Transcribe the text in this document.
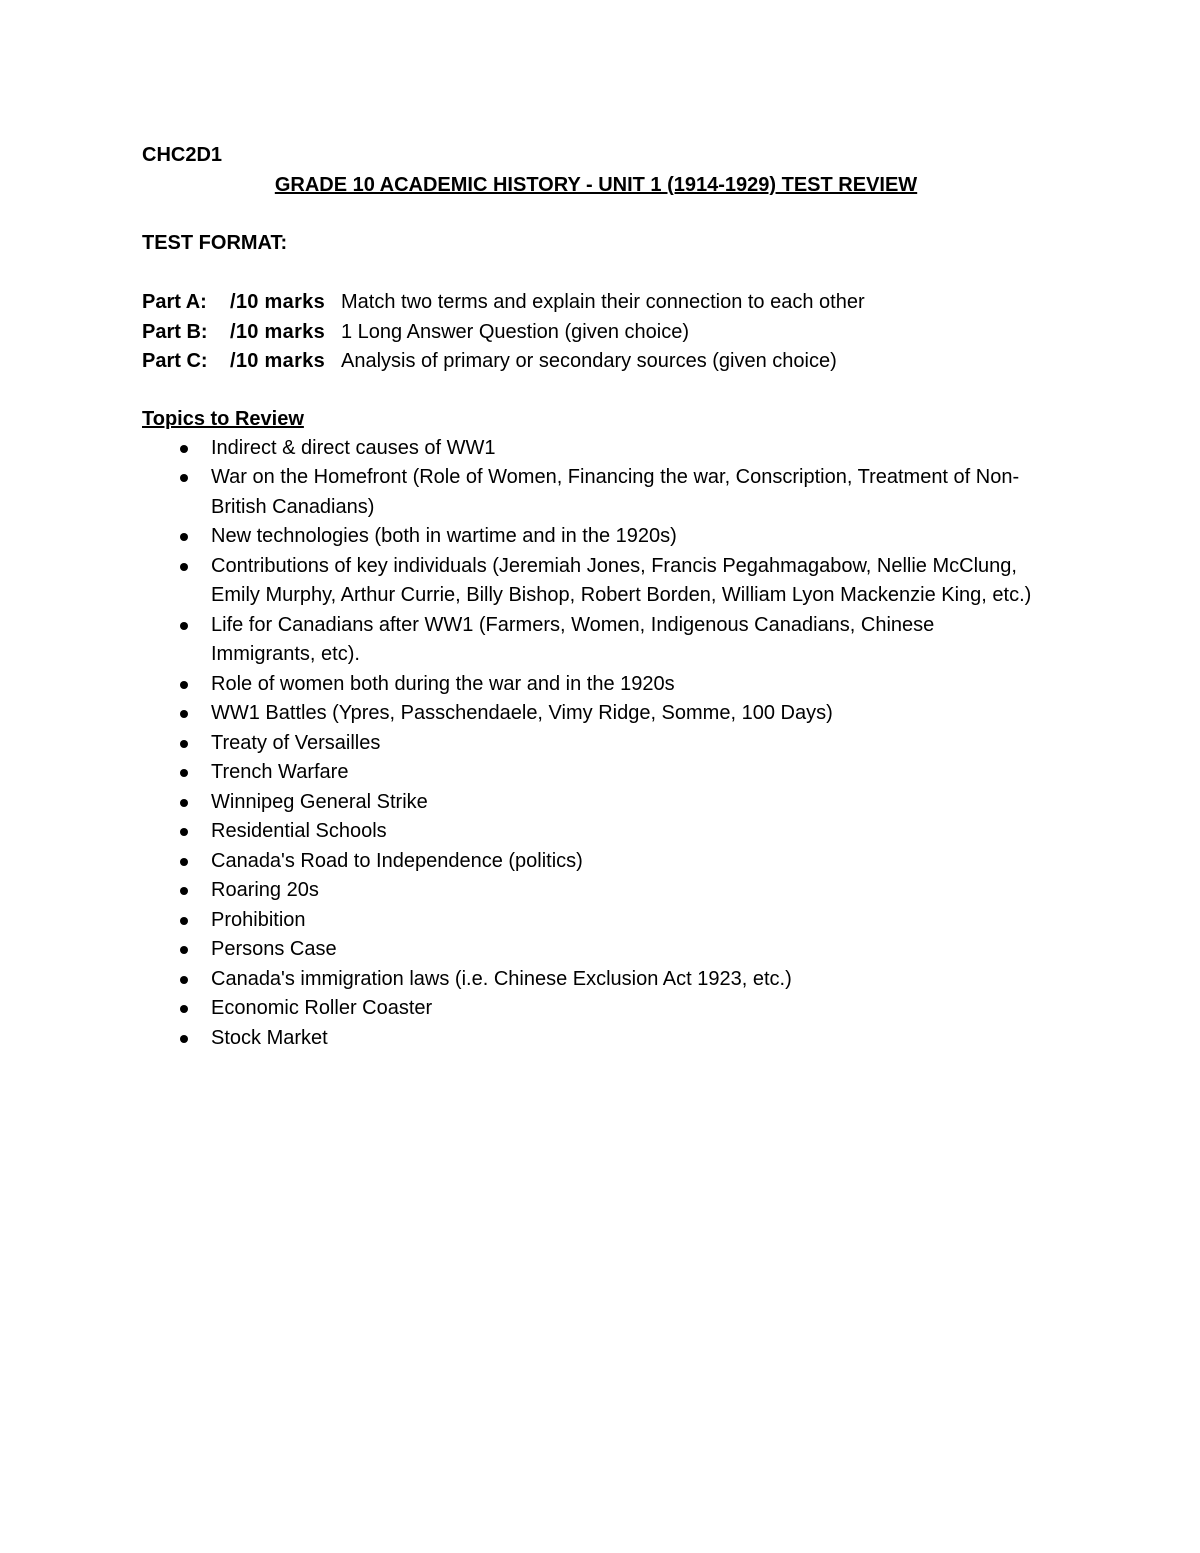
CHC2D1
GRADE 10 ACADEMIC HISTORY - UNIT 1 (1914-1929) TEST REVIEW
TEST FORMAT:
Part A:	/10 marks Match two terms and explain their connection to each other
Part B:	/10 marks 1 Long Answer Question (given choice)
Part C:	/10 marks Analysis of primary or secondary sources (given choice)
Topics to Review
Indirect & direct causes of WW1
War on the Homefront (Role of Women, Financing the war, Conscription, Treatment of Non-British Canadians)
New technologies (both in wartime and in the 1920s)
Contributions of key individuals (Jeremiah Jones, Francis Pegahmagabow, Nellie McClung, Emily Murphy, Arthur Currie, Billy Bishop, Robert Borden, William Lyon Mackenzie King, etc.)
Life for Canadians after WW1 (Farmers, Women, Indigenous Canadians, Chinese Immigrants, etc).
Role of women both during the war and in the 1920s
WW1 Battles (Ypres, Passchendaele, Vimy Ridge, Somme, 100 Days)
Treaty of Versailles
Trench Warfare
Winnipeg General Strike
Residential Schools
Canada's Road to Independence (politics)
Roaring 20s
Prohibition
Persons Case
Canada's immigration laws (i.e. Chinese Exclusion Act 1923, etc.)
Economic Roller Coaster
Stock Market
